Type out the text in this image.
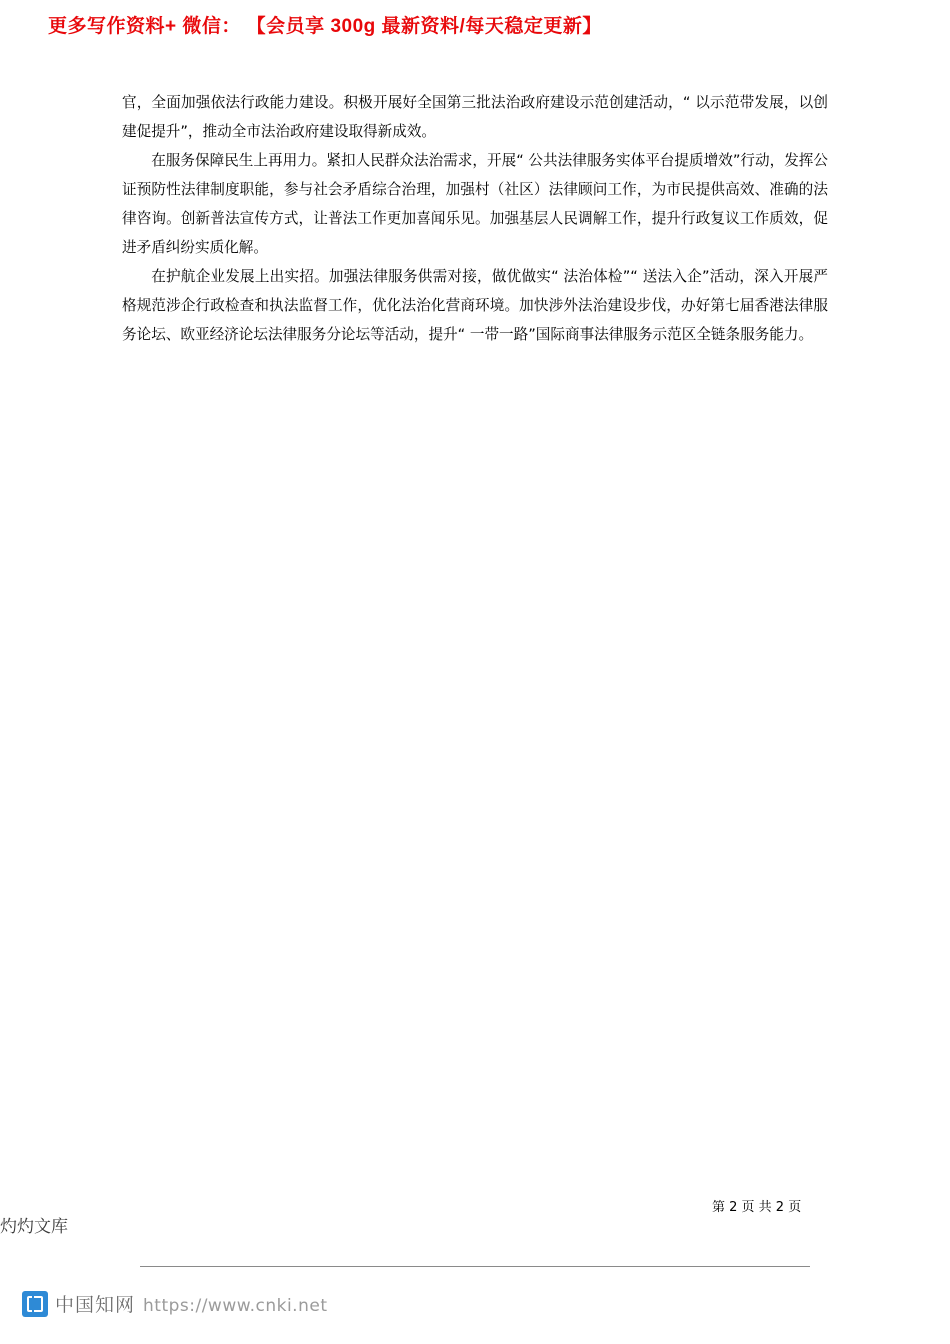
更多写作资料+ 微信： 【会员享 300g 最新资料/每天稳定更新】

官，全面加强依法行政能力建设。积极开展好全国第三批法治政府建设示范创建活动，“ 以示范带发展，以创建促提升”，推动全市法治政府建设取得新成效。

在服务保障民生上再用力。紧扣人民群众法治需求，开展“ 公共法律服务实体平台提质增效”行动，发挥公证预防性法律制度职能，参与社会矛盾综合治理，加强村（社区）法律顾问工作，为市民提供高效、准确的法律咨询。创新普法宣传方式，让普法工作更加喜闻乐见。加强基层人民调解工作，提升行政复议工作质效，促进矛盾纠纷实质化解。

在护航企业发展上出实招。加强法律服务供需对接，做优做实“ 法治体检”“ 送法入企”活动，深入开展严格规范涉企行政检查和执法监督工作，优化法治化营商环境。加快涉外法治建设步伐，办好第七届香港法律服务论坛、欧亚经济论坛法律服务分论坛等活动，提升“ 一带一路”国际商事法律服务示范区全链条服务能力。

第 2 页 共 2 页
灼灼文库
中国知网 https://www.cnki.net
